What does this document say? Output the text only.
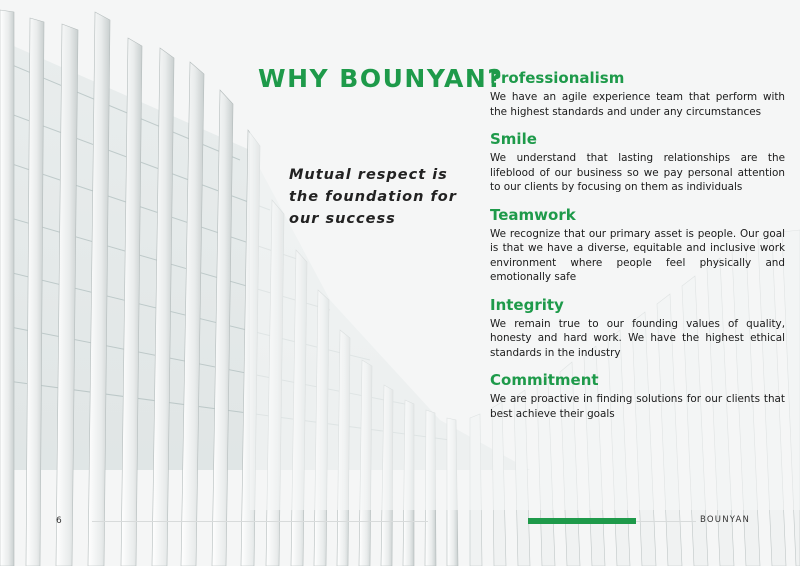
WHY BOUNYAN?

Mutual respect is the foundation for our success

Professionalism

We have an agile experience team that perform with the highest standards and under any circumstances

Smile

We understand that lasting relationships are the lifeblood of our business so we pay personal attention to our clients by focusing on them as individuals

Teamwork

We recognize that our primary asset is people. Our goal is that we have a diverse, equitable and inclusive work environment where people feel physically and emotionally safe

Integrity

We remain true to our founding values of quality, honesty and hard work. We have the highest ethical standards in the industry

Commitment

We are proactive in finding solutions for our clients that best achieve their goals

6	BOUNYAN
